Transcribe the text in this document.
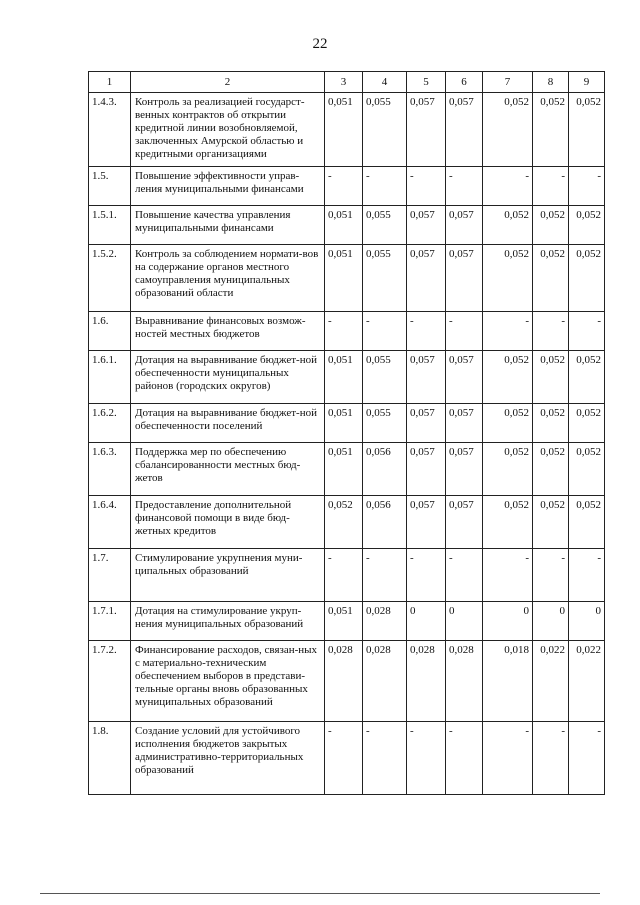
22
1	2	3	4	5	6	7	8	9
1.4.3.	Контроль за реализацией государст-венных контрактов об открытии кредитной линии возобновляемой, заключенных Амурской областью и кредитными организациями	0,051	0,055	0,057	0,057	0,052	0,052	0,052
1.5.	Повышение эффективности управ-ления муниципальными финансами	-	-	-	-	-	-	-
1.5.1.	Повышение качества управления муниципальными финансами	0,051	0,055	0,057	0,057	0,052	0,052	0,052
1.5.2.	Контроль за соблюдением нормати-вов на содержание органов местного самоуправления муниципальных образований области	0,051	0,055	0,057	0,057	0,052	0,052	0,052
1.6.	Выравнивание финансовых возмож-ностей местных бюджетов	-	-	-	-	-	-	-
1.6.1.	Дотация на выравнивание бюджет-ной обеспеченности муниципальных районов (городских округов)	0,051	0,055	0,057	0,057	0,052	0,052	0,052
1.6.2.	Дотация на выравнивание бюджет-ной обеспеченности поселений	0,051	0,055	0,057	0,057	0,052	0,052	0,052
1.6.3.	Поддержка мер по обеспечению сбалансированности местных бюд-жетов	0,051	0,056	0,057	0,057	0,052	0,052	0,052
1.6.4.	Предоставление дополнительной финансовой помощи в виде бюд-жетных кредитов	0,052	0,056	0,057	0,057	0,052	0,052	0,052
1.7.	Стимулирование укрупнения муни-ципальных образований	-	-	-	-	-	-	-
1.7.1.	Дотация на стимулирование укруп-нения муниципальных образований	0,051	0,028	0	0	0	0	0
1.7.2.	Финансирование расходов, связан-ных с материально-техническим обеспечением выборов в представи-тельные органы вновь образованных муниципальных образований	0,028	0,028	0,028	0,028	0,018	0,022	0,022
1.8.	Создание условий для устойчивого исполнения бюджетов закрытых административно-территориальных образований	-	-	-	-	-	-	-
